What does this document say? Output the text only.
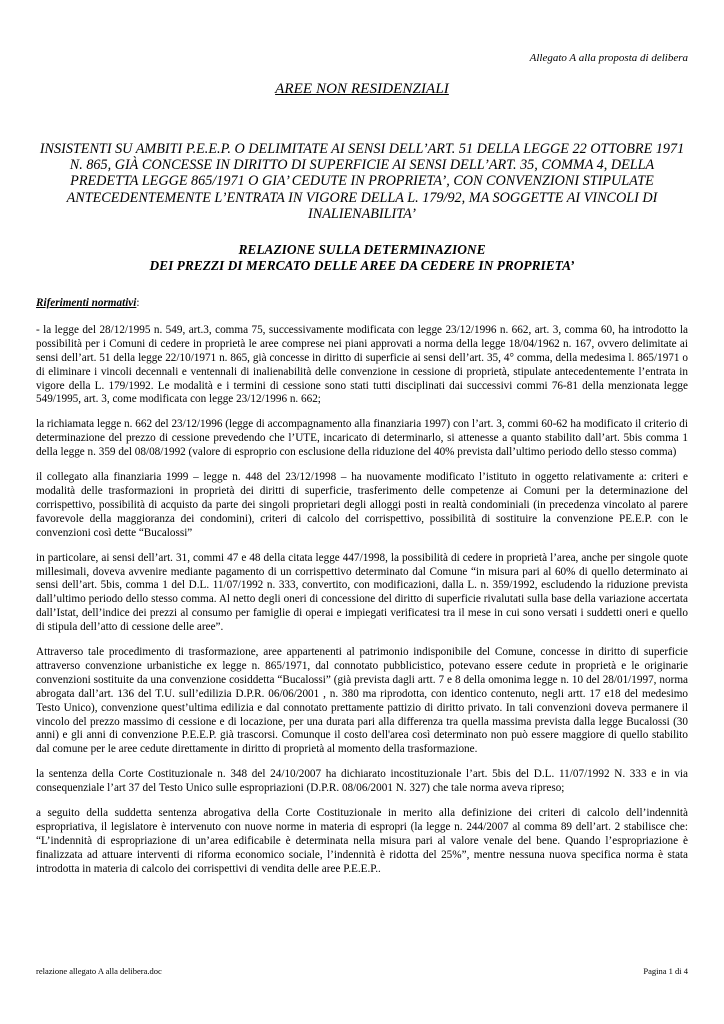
Allegato A alla proposta di delibera
AREE NON RESIDENZIALI
INSISTENTI SU AMBITI P.E.E.P. O DELIMITATE AI SENSI DELL’ART. 51 DELLA LEGGE 22 OTTOBRE 1971 N. 865, GIÀ CONCESSE IN DIRITTO DI SUPERFICIE AI SENSI DELL’ART. 35, COMMA 4, DELLA PREDETTA LEGGE 865/1971 O GIA’ CEDUTE IN PROPRIETA’, CON CONVENZIONI STIPULATE ANTECEDENTEMENTE L’ENTRATA IN VIGORE DELLA L. 179/92, MA SOGGETTE AI VINCOLI DI INALIENABILITA’
RELAZIONE SULLA DETERMINAZIONE
DEI PREZZI DI MERCATO DELLE AREE DA CEDERE IN PROPRIETA’
Riferimenti normativi:

- la legge del 28/12/1995 n. 549, art.3, comma 75, successivamente modificata con legge 23/12/1996 n. 662, art. 3, comma 60, ha introdotto la possibilità per i Comuni di cedere in proprietà le aree comprese nei piani approvati a norma della legge 18/04/1962 n. 167, ovvero delimitate ai sensi dell’art. 51 della legge 22/10/1971 n. 865, già concesse in diritto di superficie ai sensi dell’art. 35, 4° comma, della medesima l. 865/1971 o di eliminare i vincoli decennali e ventennali di inalienabilità delle convenzione in cessione di proprietà, stipulate antecedentemente l’entrata in vigore della L. 179/1992. Le modalità e i termini di cessione sono stati tutti disciplinati dai successivi commi 76-81 della menzionata legge 549/1995, art. 3, come modificata con legge 23/12/1996 n. 662;

la richiamata legge n. 662 del 23/12/1996 (legge di accompagnamento alla finanziaria 1997) con l’art. 3, commi 60-62 ha modificato il criterio di determinazione del prezzo di cessione prevedendo che l’UTE, incaricato di determinarlo, si attenesse a quanto stabilito dall’art. 5bis comma 1 della legge n. 359 del 08/08/1992 (valore di esproprio con esclusione della riduzione del 40% prevista dall’ultimo periodo dello stesso comma)

il collegato alla finanziaria 1999 – legge n. 448 del 23/12/1998 – ha nuovamente modificato l’istituto in oggetto relativamente a: criteri e modalità delle trasformazioni in proprietà dei diritti di superficie, trasferimento delle competenze ai Comuni per la determinazione del corrispettivo, possibilità di acquisto da parte dei singoli proprietari degli alloggi posti in realtà condominiali (in precedenza vincolato al parere favorevole della maggioranza dei condomini), criteri di calcolo del corrispettivo, possibilità di sostituire la convenzione PE.E.P. con le convenzioni così dette “Bucalossi”

in particolare, ai sensi dell’art. 31, commi 47 e 48 della citata legge 447/1998, la possibilità di cedere in proprietà l’area, anche per singole quote millesimali, doveva avvenire mediante pagamento di un corrispettivo determinato dal Comune “in misura pari al 60% di quello determinato ai sensi dell’art. 5bis, comma 1 del D.L. 11/07/1992 n. 333, convertito, con modificazioni, dalla L. n. 359/1992, escludendo la riduzione prevista dall’ultimo periodo dello stesso comma. Al netto degli oneri di concessione del diritto di superficie rivalutati sulla base della variazione accertata dall’Istat, dell’indice dei prezzi al consumo per famiglie di operai e impiegati verificatesi tra il mese in cui sono versati i suddetti oneri e quello di stipula dell’atto di cessione delle aree”.

Attraverso tale procedimento di trasformazione, aree appartenenti al patrimonio indisponibile del Comune, concesse in diritto di superficie attraverso convenzione urbanistiche ex legge n. 865/1971, dal connotato pubblicistico, potevano essere cedute in proprietà e le originarie convenzioni sostituite da una convenzione cosiddetta “Bucalossi” (già prevista dagli artt. 7 e 8 della omonima legge n. 10 del 28/01/1997, norma abrogata dall’art. 136 del T.U. sull’edilizia D.P.R. 06/06/2001 , n. 380 ma riprodotta, con identico contenuto, negli artt. 17 e18 del medesimo Testo Unico), convenzione quest’ultima edilizia e dal connotato prettamente pattizio di diritto privato. In tali convenzioni doveva permanere il vincolo del prezzo massimo di cessione e di locazione, per una durata pari alla differenza tra quella massima prevista dalla legge Bucalossi (30 anni) e gli anni di convenzione P.E.E.P. già trascorsi. Comunque il costo dell'area così determinato non può essere maggiore di quello stabilito dal comune per le aree cedute direttamente in diritto di proprietà al momento della trasformazione.

la sentenza della Corte Costituzionale n. 348 del 24/10/2007 ha dichiarato incostituzionale l’art. 5bis del D.L. 11/07/1992 N. 333 e in via consequenziale l’art 37 del Testo Unico sulle espropriazioni (D.P.R. 08/06/2001 N. 327) che tale norma aveva ripreso;

a seguito della suddetta sentenza abrogativa della Corte Costituzionale in merito alla definizione dei criteri di calcolo dell’indennità espropriativa, il legislatore è intervenuto con nuove norme in materia di espropri (la legge n. 244/2007 al comma 89 dell’art. 2 stabilisce che: “L’indennità di espropriazione di un’area edificabile è determinata nella misura pari al valore venale del bene. Quando l’espropriazione è finalizzata ad attuare interventi di riforma economico sociale, l’indennità è ridotta del 25%”, mentre nessuna nuova specifica norma è stata introdotta in materia di calcolo dei corrispettivi di vendita delle aree P.E.E.P..

relazione allegato A alla delibera.doc	Pagina 1 di 4
